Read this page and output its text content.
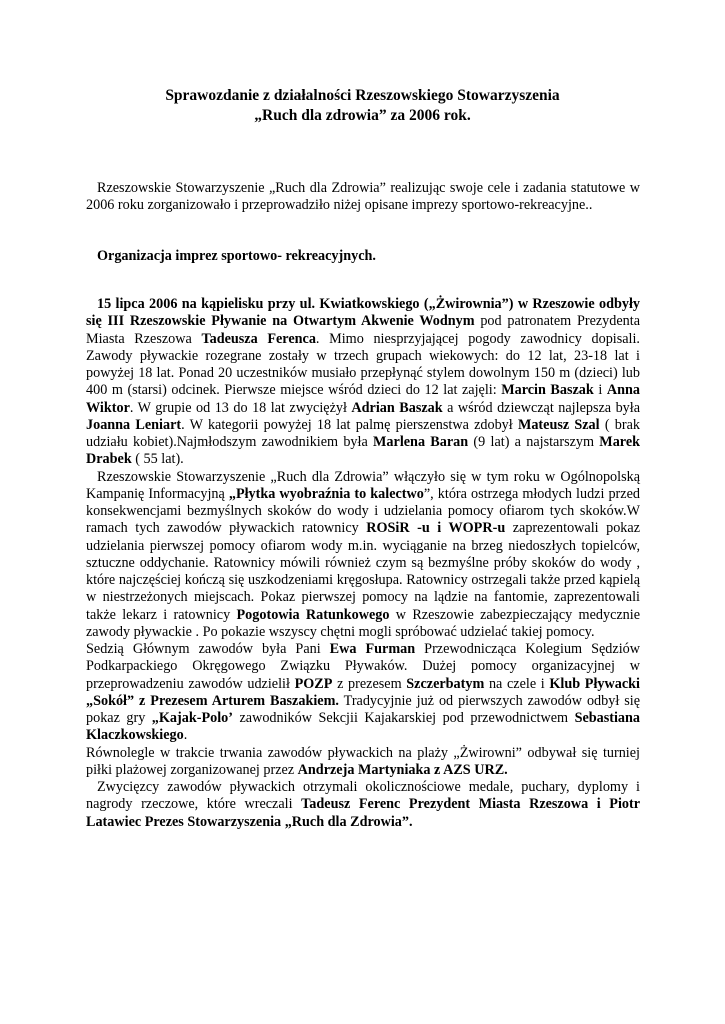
Sprawozdanie z działalności Rzeszowskiego Stowarzyszenia
„Ruch dla zdrowia” za 2006 rok.
Rzeszowskie Stowarzyszenie „Ruch dla Zdrowia” realizując swoje cele i zadania statutowe w 2006 roku zorganizowało i przeprowadziło niżej opisane imprezy sportowo-rekreacyjne..
Organizacja imprez sportowo- rekreacyjnych.

15 lipca 2006 na kąpielisku przy ul. Kwiatkowskiego („Żwirownia”) w Rzeszowie odbyły się III Rzeszowskie Pływanie na Otwartym Akwenie Wodnym pod patronatem Prezydenta Miasta Rzeszowa Tadeusza Ferenca. Mimo niesprzyjającej pogody zawodnicy dopisali. Zawody pływackie rozegrane zostały w trzech grupach wiekowych: do 12 lat, 23-18 lat i powyżej 18 lat. Ponad 20 uczestników musiało przepłynąć stylem dowolnym 150 m (dzieci) lub 400 m (starsi) odcinek. Pierwsze miejsce wśród dzieci do 12 lat zajęli: Marcin Baszak i Anna Wiktor. W grupie od 13 do 18 lat zwyciężył Adrian Baszak a wśród dziewcząt najlepsza była Joanna Leniart. W kategorii powyżej 18 lat palmę pierszenstwa zdobył Mateusz Szal ( brak udziału kobiet).Najmłodszym zawodnikiem była Marlena Baran (9 lat) a najstarszym Marek Drabek ( 55 lat).

Rzeszowskie Stowarzyszenie „Ruch dla Zdrowia” włączyło się w tym roku w Ogólnopolską Kampanię Informacyjną „Płytka wyobraźnia to kalectwo”, która ostrzega młodych ludzi przed konsekwencjami bezmyślnych skoków do wody i udzielania pomocy ofiarom tych skoków.W ramach tych zawodów pływackich ratownicy ROSiR -u i WOPR-u zaprezentowali pokaz udzielania pierwszej pomocy ofiarom wody m.in. wyciąganie na brzeg niedoszłych topielców, sztuczne oddychanie. Ratownicy mówili również czym są bezmyślne próby skoków do wody , które najczęściej kończą się uszkodzeniami kręgosłupa. Ratownicy ostrzegali także przed kąpielą w niestrzeżonych miejscach. Pokaz pierwszej pomocy na lądzie na fantomie, zaprezentowali także lekarz i ratownicy Pogotowia Ratunkowego w Rzeszowie zabezpieczający medycznie zawody pływackie . Po pokazie wszyscy chętni mogli spróbować udzielać takiej pomocy.

Sedzią Głównym zawodów była Pani Ewa Furman Przewodnicząca Kolegium Sędziów Podkarpackiego Okręgowego Związku Pływaków. Dużej pomocy organizacyjnej w przeprowadzeniu zawodów udzielił POZP z prezesem Szczerbatym na czele i Klub Pływacki „Sokół” z Prezesem Arturem Baszakiem. Tradycyjnie już od pierwszych zawodów odbył się pokaz gry „Kajak-Polo’ zawodników Sekcjii Kajakarskiej pod przewodnictwem Sebastiana Klaczkowskiego.

Równolegle w trakcie trwania zawodów pływackich na plaży „Żwirowni” odbywał się turniej piłki plażowej zorganizowanej przez Andrzeja Martyniaka z AZS URZ.

Zwycięzcy zawodów pływackich otrzymali okolicznościowe medale, puchary, dyplomy i nagrody rzeczowe, które wreczali Tadeusz Ferenc Prezydent Miasta Rzeszowa i Piotr Latawiec Prezes Stowarzyszenia „Ruch dla Zdrowia”.
